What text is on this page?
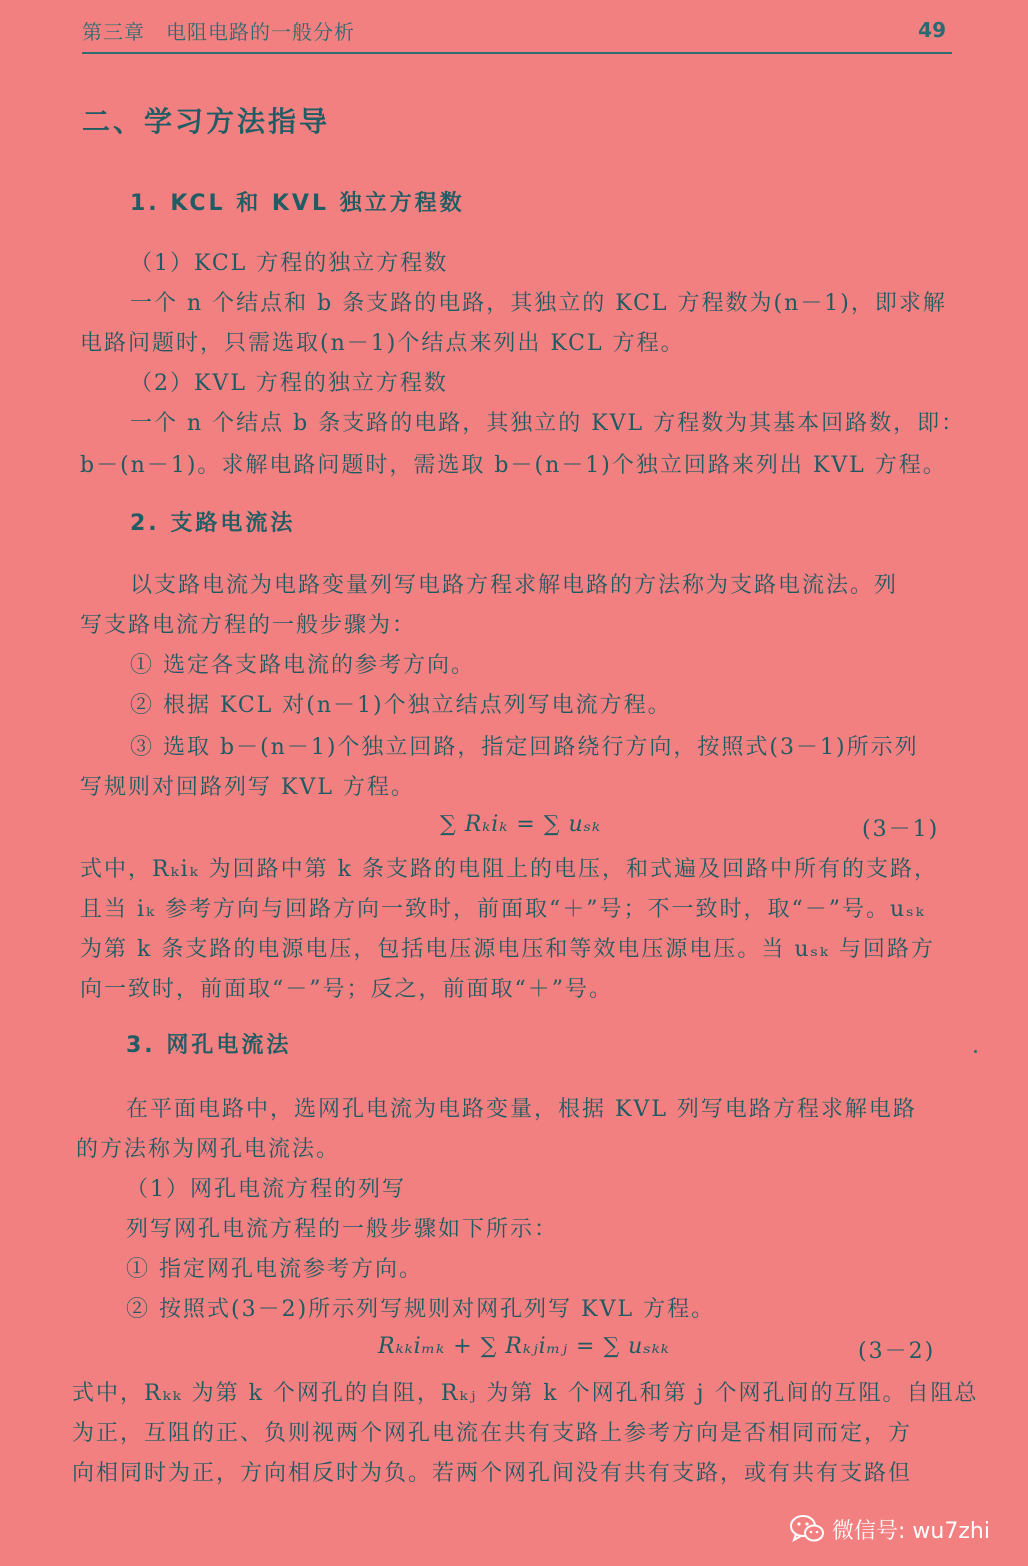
第三章　电阻电路的一般分析	49
二、学习方法指导
1. KCL 和 KVL 独立方程数
（1）KCL 方程的独立方程数
一个 n 个结点和 b 条支路的电路，其独立的 KCL 方程数为(n－1)，即求解
电路问题时，只需选取(n－1)个结点来列出 KCL 方程。
（2）KVL 方程的独立方程数
一个 n 个结点 b 条支路的电路，其独立的 KVL 方程数为其基本回路数，即：
b－(n－1)。求解电路问题时，需选取 b－(n－1)个独立回路来列出 KVL 方程。
2. 支路电流法
以支路电流为电路变量列写电路方程求解电路的方法称为支路电流法。列
写支路电流方程的一般步骤为：
① 选定各支路电流的参考方向。
② 根据 KCL 对(n－1)个独立结点列写电流方程。
③ 选取 b－(n－1)个独立回路，指定回路绕行方向，按照式(3－1)所示列
写规则对回路列写 KVL 方程。
∑ Rₖiₖ = ∑ uₛₖ	(3－1)
式中，Rₖiₖ 为回路中第 k 条支路的电阻上的电压，和式遍及回路中所有的支路，
且当 iₖ 参考方向与回路方向一致时，前面取“＋”号；不一致时，取“－”号。uₛₖ
为第 k 条支路的电源电压，包括电压源电压和等效电压源电压。当 uₛₖ 与回路方
向一致时，前面取“－”号；反之，前面取“＋”号。
3. 网孔电流法
在平面电路中，选网孔电流为电路变量，根据 KVL 列写电路方程求解电路
的方法称为网孔电流法。
（1）网孔电流方程的列写
列写网孔电流方程的一般步骤如下所示：
① 指定网孔电流参考方向。
② 按照式(3－2)所示列写规则对网孔列写 KVL 方程。
Rₖₖiₘₖ + ∑ Rₖⱼiₘⱼ = ∑ uₛₖₖ	(3－2)
式中，Rₖₖ 为第 k 个网孔的自阻，Rₖⱼ 为第 k 个网孔和第 j 个网孔间的互阻。自阻总
为正，互阻的正、负则视两个网孔电流在共有支路上参考方向是否相同而定，方
向相同时为正，方向相反时为负。若两个网孔间没有共有支路，或有共有支路但
微信号: wu7zhi
